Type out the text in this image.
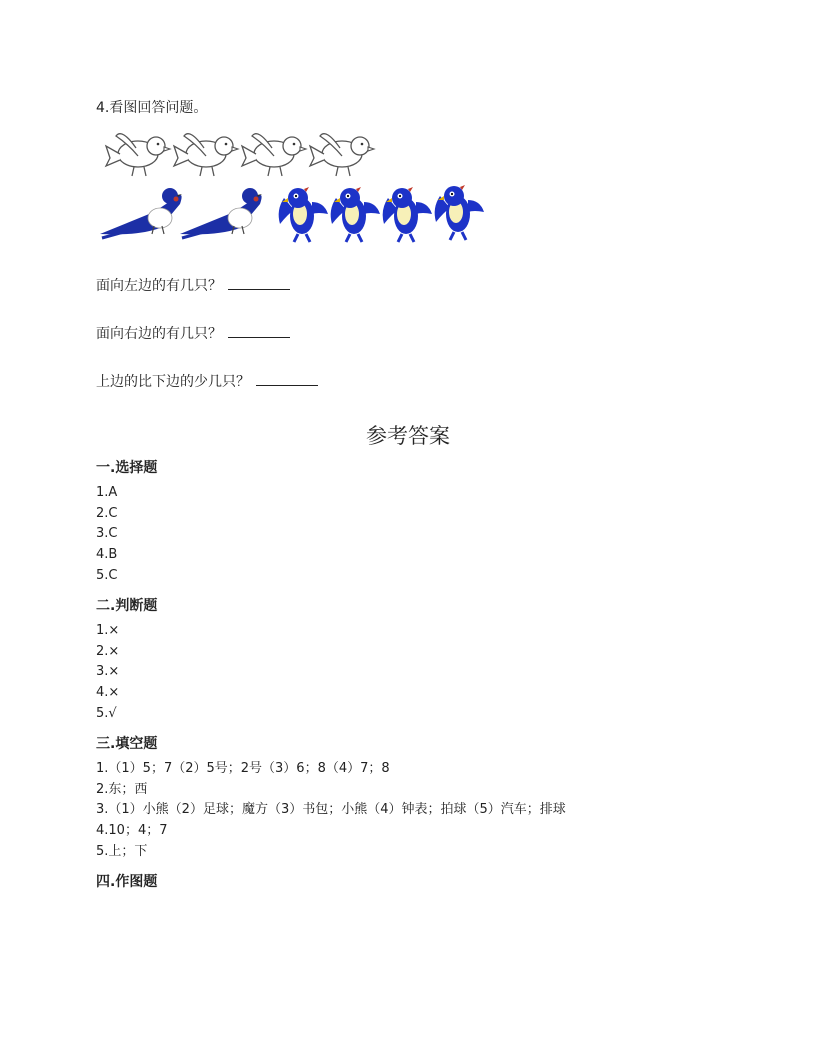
4.看图回答问题。
面向左边的有几只？
面向右边的有几只？
上边的比下边的少几只？
参考答案
一.选择题
1.A
2.C
3.C
4.B
5.C
二.判断题
1.×
2.×
3.×
4.×
5.√
三.填空题
1.（1）5；7（2）5号；2号（3）6；8（4）7；8
2.东；西
3.（1）小熊（2）足球；魔方（3）书包；小熊（4）钟表；拍球（5）汽车；排球
4.10；4；7
5.上；下
四.作图题
